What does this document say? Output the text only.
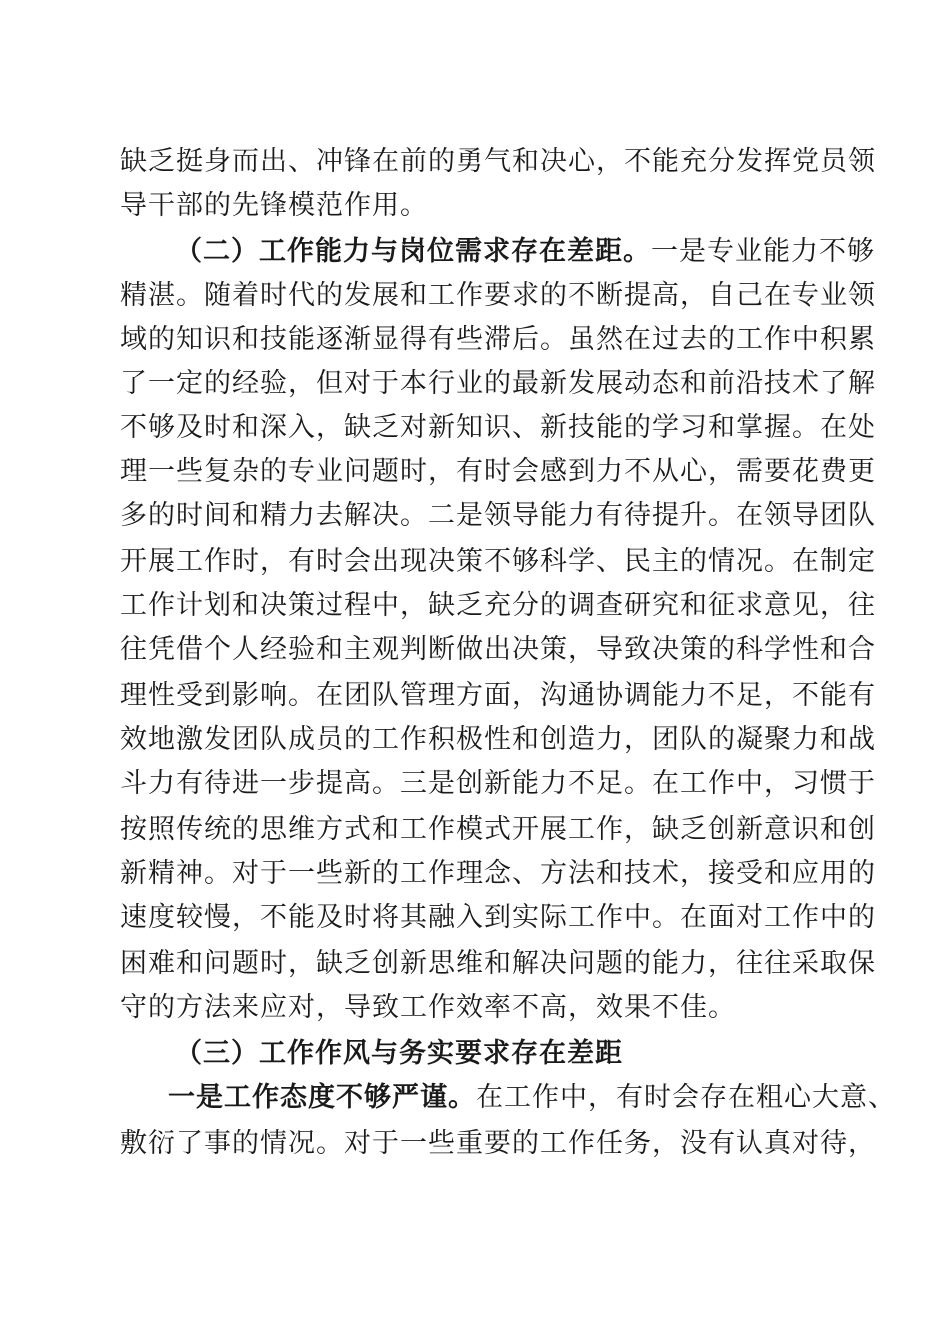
缺乏挺身而出、冲锋在前的勇气和决心，不能充分发挥党员领
导干部的先锋模范作用。
（二）工作能力与岗位需求存在差距。一是专业能力不够
精湛。随着时代的发展和工作要求的不断提高，自己在专业领
域的知识和技能逐渐显得有些滞后。虽然在过去的工作中积累
了一定的经验，但对于本行业的最新发展动态和前沿技术了解
不够及时和深入，缺乏对新知识、新技能的学习和掌握。在处
理一些复杂的专业问题时，有时会感到力不从心，需要花费更
多的时间和精力去解决。二是领导能力有待提升。在领导团队
开展工作时，有时会出现决策不够科学、民主的情况。在制定
工作计划和决策过程中，缺乏充分的调查研究和征求意见，往
往凭借个人经验和主观判断做出决策，导致决策的科学性和合
理性受到影响。在团队管理方面，沟通协调能力不足，不能有
效地激发团队成员的工作积极性和创造力，团队的凝聚力和战
斗力有待进一步提高。三是创新能力不足。在工作中，习惯于
按照传统的思维方式和工作模式开展工作，缺乏创新意识和创
新精神。对于一些新的工作理念、方法和技术，接受和应用的
速度较慢，不能及时将其融入到实际工作中。在面对工作中的
困难和问题时，缺乏创新思维和解决问题的能力，往往采取保
守的方法来应对，导致工作效率不高，效果不佳。
（三）工作作风与务实要求存在差距
一是工作态度不够严谨。在工作中，有时会存在粗心大意、
敷衍了事的情况。对于一些重要的工作任务，没有认真对待，
